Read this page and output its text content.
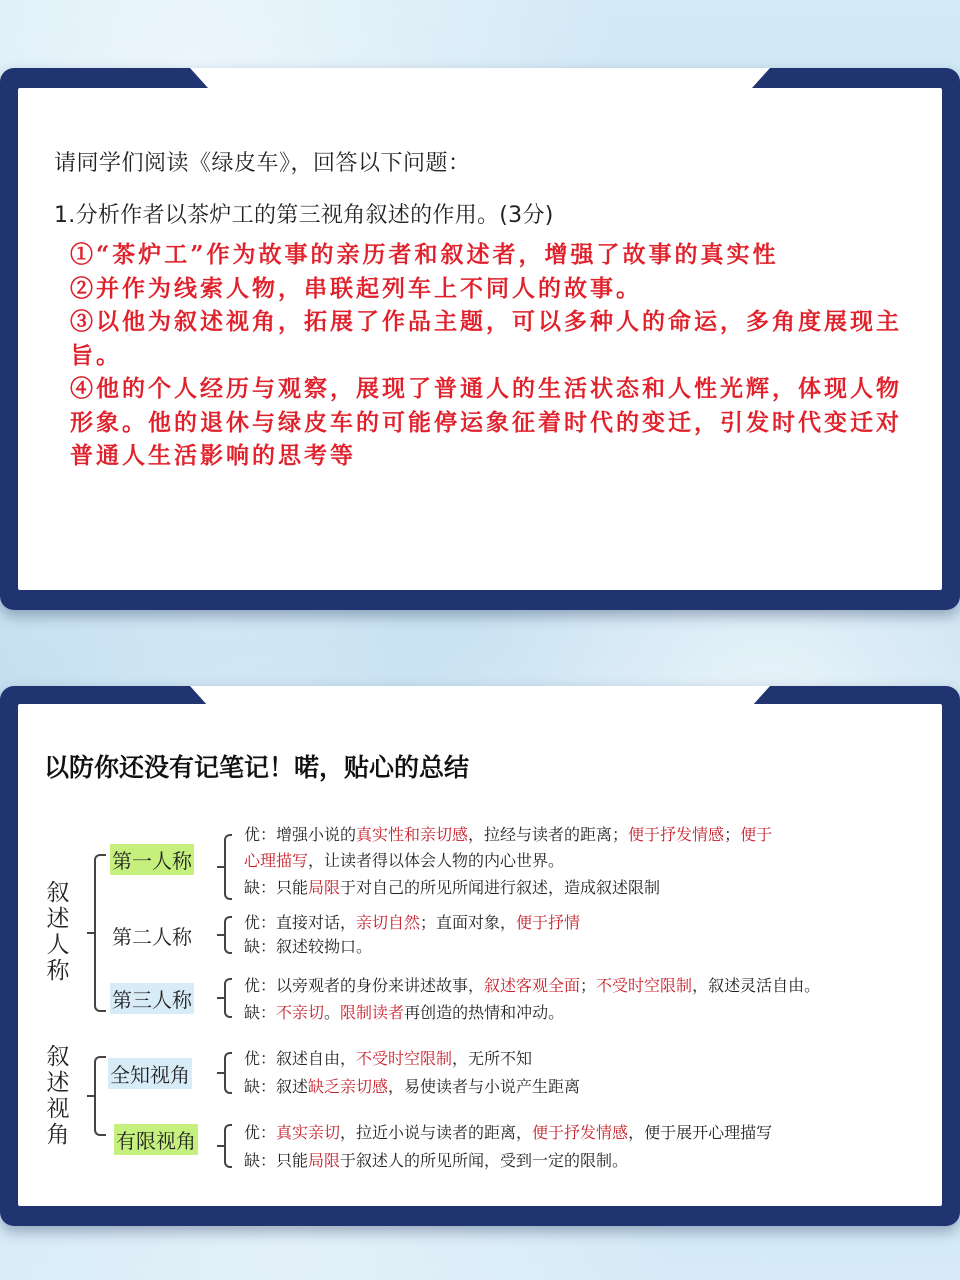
请同学们阅读《绿皮车》，回答以下问题：
1.分析作者以茶炉工的第三视角叙述的作用。(3分)

①“茶炉工”作为故事的亲历者和叙述者，增强了故事的真实性

②并作为线索人物，串联起列车上不同人的故事。

③以他为叙述视角，拓展了作品主题，可以多种人的命运，多角度展现主旨。

④他的个人经历与观察，展现了普通人的生活状态和人性光辉，体现人物形象。他的退休与绿皮车的可能停运象征着时代的变迁，引发时代变迁对普通人生活影响的思考等

以防你还没有记笔记！喏，贴心的总结
叙述人称
第一人称
优：增强小说的真实性和亲切感，拉经与读者的距离；便于抒发情感；便于
心理描写，让读者得以体会人物的内心世界。
缺：只能局限于对自己的所见所闻进行叙述，造成叙述限制
第二人称
优：直接对话，亲切自然；直面对象，便于抒情
缺：叙述较拗口。
第三人称
优：以旁观者的身份来讲述故事，叙述客观全面；不受时空限制，叙述灵活自由。
缺：不亲切。限制读者再创造的热情和冲动。
叙述视角
全知视角
优：叙述自由，不受时空限制，无所不知
缺：叙述缺乏亲切感，易使读者与小说产生距离
有限视角	优：真实亲切，拉近小说与读者的距离，便于抒发情感，便于展开心理描写
缺：只能局限于叙述人的所见所闻，受到一定的限制。
